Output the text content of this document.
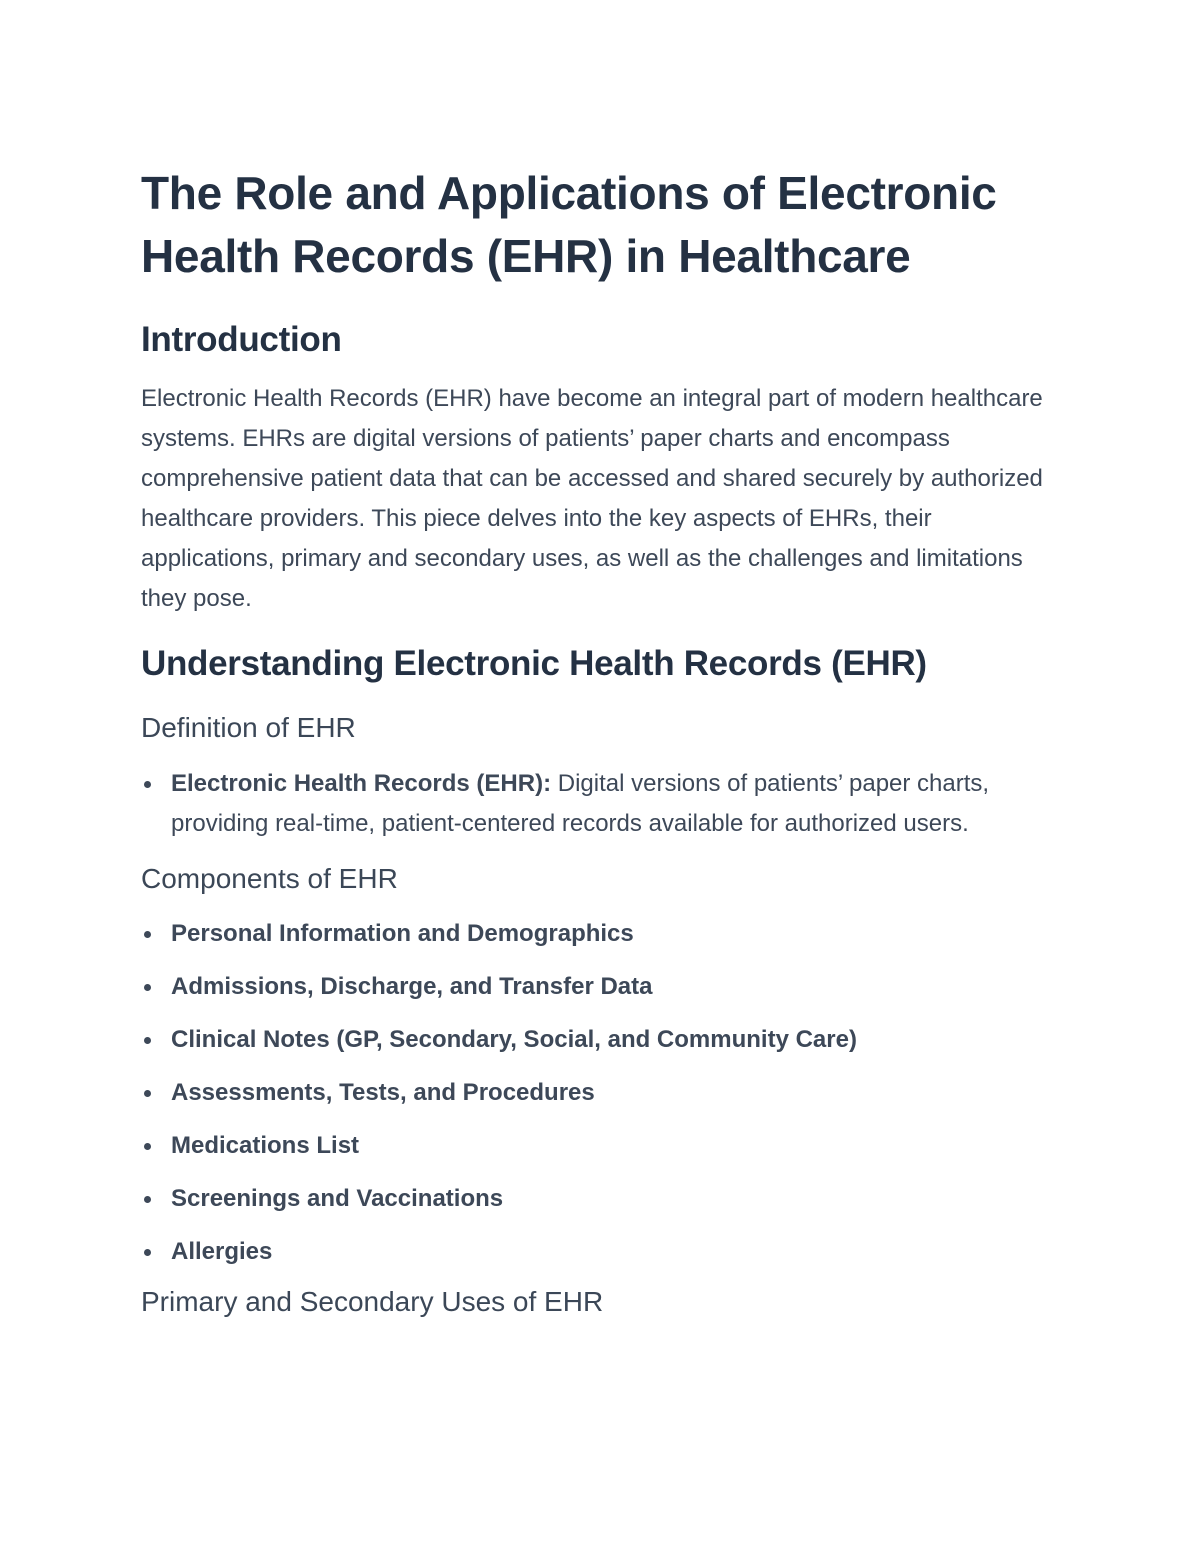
The Role and Applications of Electronic Health Records (EHR) in Healthcare
Introduction

Electronic Health Records (EHR) have become an integral part of modern healthcare systems. EHRs are digital versions of patients’ paper charts and encompass comprehensive patient data that can be accessed and shared securely by authorized healthcare providers. This piece delves into the key aspects of EHRs, their applications, primary and secondary uses, as well as the challenges and limitations they pose.

Understanding Electronic Health Records (EHR)
Definition of EHR
Electronic Health Records (EHR): Digital versions of patients’ paper charts, providing real-time, patient-centered records available for authorized users.
Components of EHR
Personal Information and Demographics
Admissions, Discharge, and Transfer Data
Clinical Notes (GP, Secondary, Social, and Community Care)
Assessments, Tests, and Procedures
Medications List
Screenings and Vaccinations
Allergies
Primary and Secondary Uses of EHR
